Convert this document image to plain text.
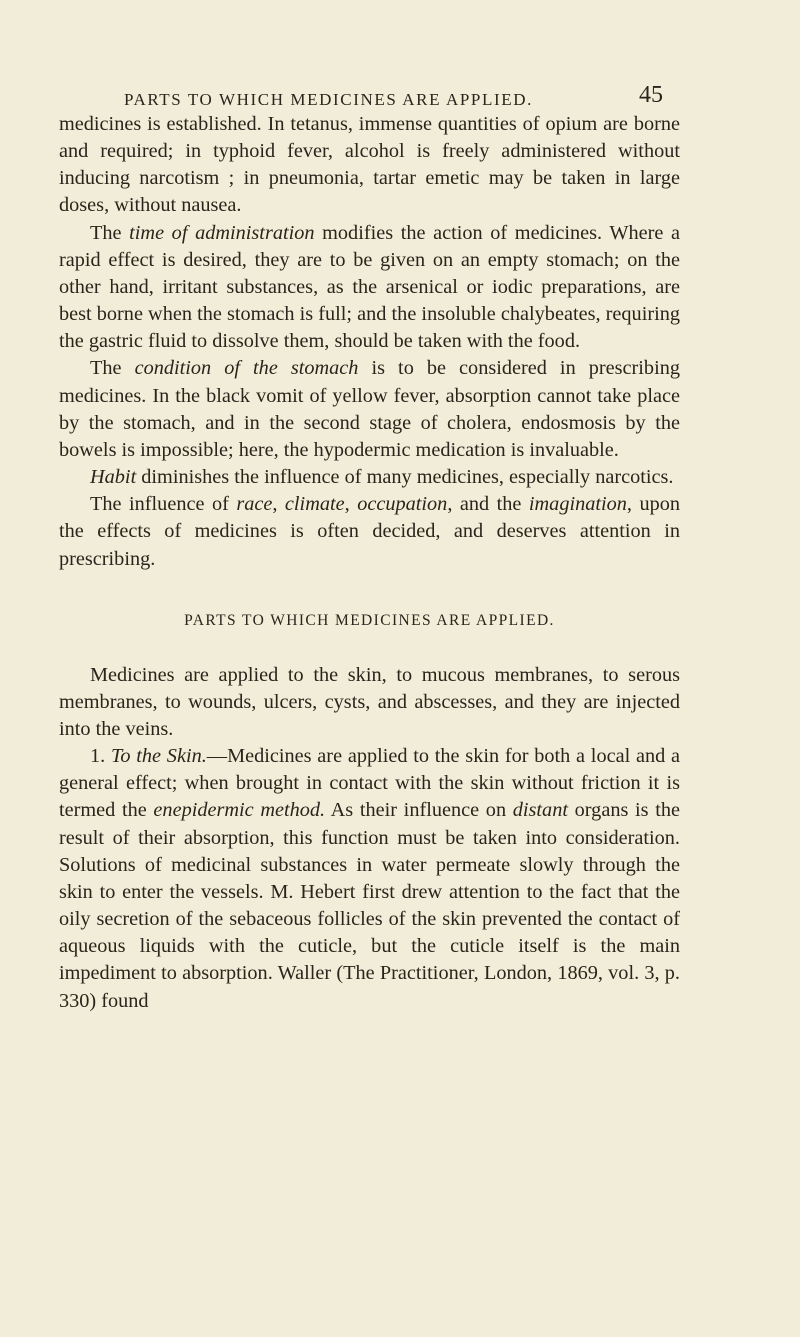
PARTS TO WHICH MEDICINES ARE APPLIED.	45

medicines is established. In tetanus, immense quantities of opium are borne and required; in typhoid fever, alcohol is freely administered without inducing narcotism ; in pneumonia, tartar emetic may be taken in large doses, without nausea.

The time of administration modifies the action of medicines. Where a rapid effect is desired, they are to be given on an empty stomach; on the other hand, irritant substances, as the arsenical or iodic preparations, are best borne when the stomach is full; and the insoluble chalybeates, requiring the gastric fluid to dissolve them, should be taken with the food.

The condition of the stomach is to be considered in prescribing medicines. In the black vomit of yellow fever, absorption cannot take place by the stomach, and in the second stage of cholera, endosmosis by the bowels is impossible; here, the hypodermic medication is invaluable.

Habit diminishes the influence of many medicines, especially narcotics.

The influence of race, climate, occupation, and the imagination, upon the effects of medicines is often decided, and deserves attention in prescribing.

PARTS TO WHICH MEDICINES ARE APPLIED.

Medicines are applied to the skin, to mucous membranes, to serous membranes, to wounds, ulcers, cysts, and abscesses, and they are injected into the veins.

1. To the Skin.—Medicines are applied to the skin for both a local and a general effect; when brought in contact with the skin without friction it is termed the enepidermic method. As their influence on distant organs is the result of their absorption, this function must be taken into consideration. Solutions of medicinal substances in water permeate slowly through the skin to enter the vessels. M. Hebert first drew attention to the fact that the oily secretion of the sebaceous follicles of the skin prevented the contact of aqueous liquids with the cuticle, but the cuticle itself is the main impediment to absorption. Waller (The Practitioner, London, 1869, vol. 3, p. 330) found
